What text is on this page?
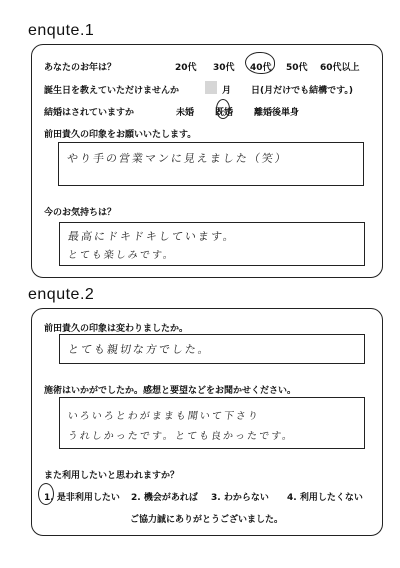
enqute.1
あなたのお年は？	20代 30代 40代 50代 60代以上
誕生日を教えていただけませんか	月 日(月だけでも結構です。)
結婚はされていますか	未婚 既婚 離婚後単身
前田貴久の印象をお願いいたします。
やり手の営業マンに見えました（笑）
今のお気持ちは？
最高にドキドキしています。
とても楽しみです。
enqute.2
前田貴久の印象は変わりましたか。
とても親切な方でした。
施術はいかがでしたか。感想と要望などをお聞かせください。
いろいろとわがままも聞いて下さり
うれしかったです。とても良かったです。
また利用したいと思われますか？
1. 是非利用したい 2. 機会があれば 3. わからない 4. 利用したくない
ご協力誠にありがとうございました。
